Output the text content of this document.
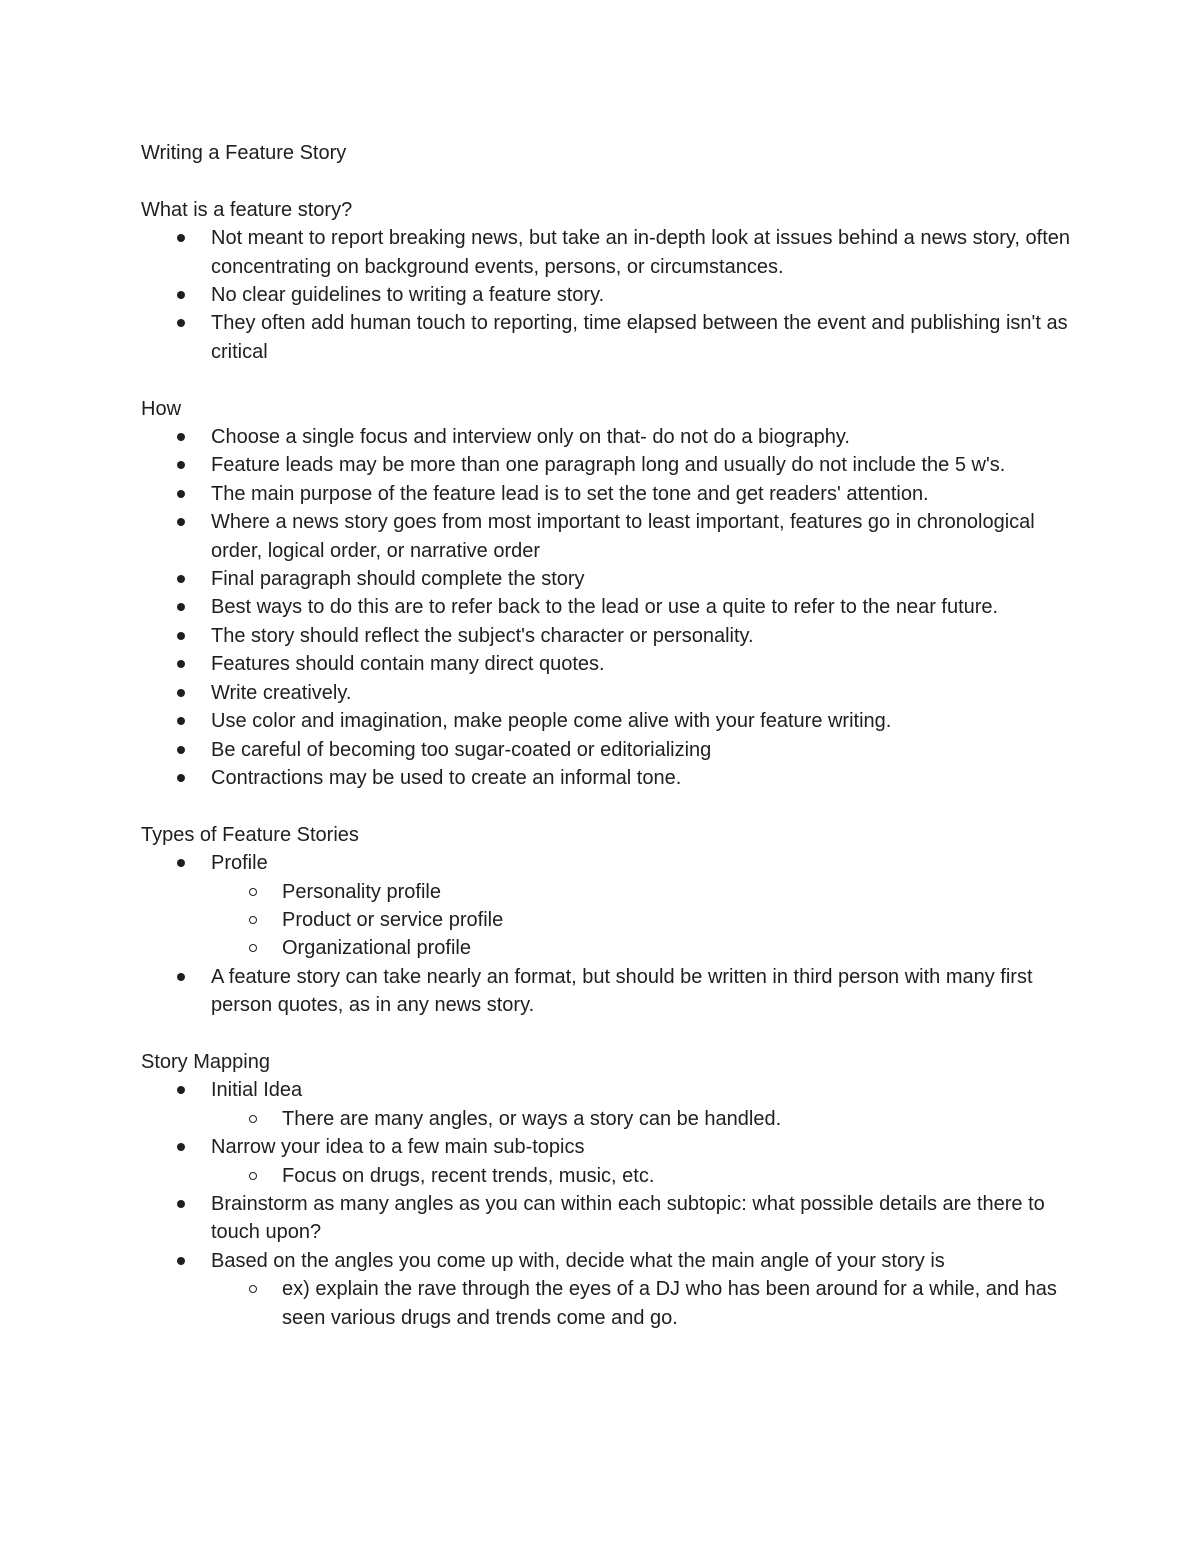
Writing a Feature Story

What is a feature story?

Not meant to report breaking news, but take an in-depth look at issues behind a news story, often concentrating on background events, persons, or circumstances.
No clear guidelines to writing a feature story.
They often add human touch to reporting, time elapsed between the event and publishing isn't as critical

How

Choose a single focus and interview only on that- do not do a biography.
Feature leads may be more than one paragraph long and usually do not include the 5 w's.
The main purpose of the feature lead is to set the tone and get readers' attention.
Where a news story goes from most important to least important, features go in chronological order, logical order, or narrative order
Final paragraph should complete the story
Best ways to do this are to refer back to the lead or use a quite to refer to the near future.
The story should reflect the subject's character or personality.
Features should contain many direct quotes.
Write creatively.
Use color and imagination, make people come alive with your feature writing.
Be careful of becoming too sugar-coated or editorializing
Contractions may be used to create an informal tone.

Types of Feature Stories

Profile
Personality profile
Product or service profile
Organizational profile
A feature story can take nearly an format, but should be written in third person with many first person quotes, as in any news story.

Story Mapping

Initial Idea
There are many angles, or ways a story can be handled.
Narrow your idea to a few main sub-topics
Focus on drugs, recent trends, music, etc.
Brainstorm as many angles as you can within each subtopic: what possible details are there to touch upon?
Based on the angles you come up with, decide what the main angle of your story is
ex) explain the rave through the eyes of a DJ who has been around for a while, and has seen various drugs and trends come and go.
